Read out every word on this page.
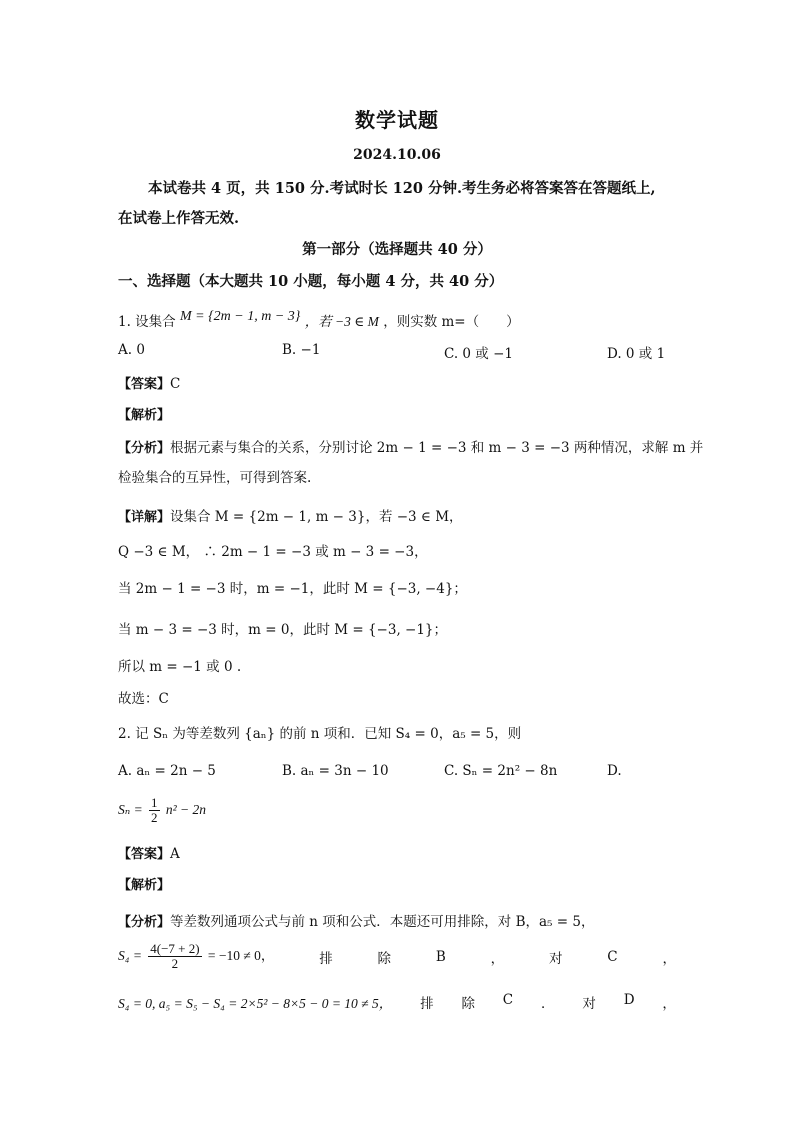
数学试题
2024.10.06
本试卷共 4 页，共 150 分.考试时长 120 分钟.考生务必将答案答在答题纸上,
在试卷上作答无效.
第一部分（选择题共 40 分）
一、选择题（本大题共 10 小题，每小题 4 分，共 40 分）
1. 设集合 M = {2m − 1, m − 3} ，若 −3 ∈ M ，则实数 m=（　　）
A. 0	B. −1	C. 0 或 −1	D. 0 或 1
【答案】C
【解析】
【分析】根据元素与集合的关系，分别讨论 2m − 1 = −3 和 m − 3 = −3 两种情况，求解 m 并
检验集合的互异性，可得到答案.
【详解】设集合 M = {2m − 1, m − 3}，若 −3 ∈ M，
Q −3 ∈ M， ∴ 2m − 1 = −3 或 m − 3 = −3，
当 2m − 1 = −3 时，m = −1，此时 M = {−3, −4}；
当 m − 3 = −3 时，m = 0，此时 M = {−3, −1}；
所以 m = −1 或 0 .
故选：C
2. 记 Sₙ 为等差数列 {aₙ} 的前 n 项和．已知 S₄ = 0，a₅ = 5，则
A. aₙ = 2n − 5	B. aₙ = 3n − 10	C. Sₙ = 2n² − 8n	D.
$S_n = \frac{1}{2} n^2 - 2n$
【答案】A
【解析】
【分析】等差数列通项公式与前 n 项和公式．本题还可用排除，对 B，a₅ = 5，
$S_4 = \frac{4(-7 + 2)}{2} = -10 \ne 0$，	排	除	B	，	对	C	，
S₄ = 0, a₅ = S₅ − S₄ = 2×5² − 8×5 − 0 = 10 ≠ 5， 排 除 C ． 对 D ，
